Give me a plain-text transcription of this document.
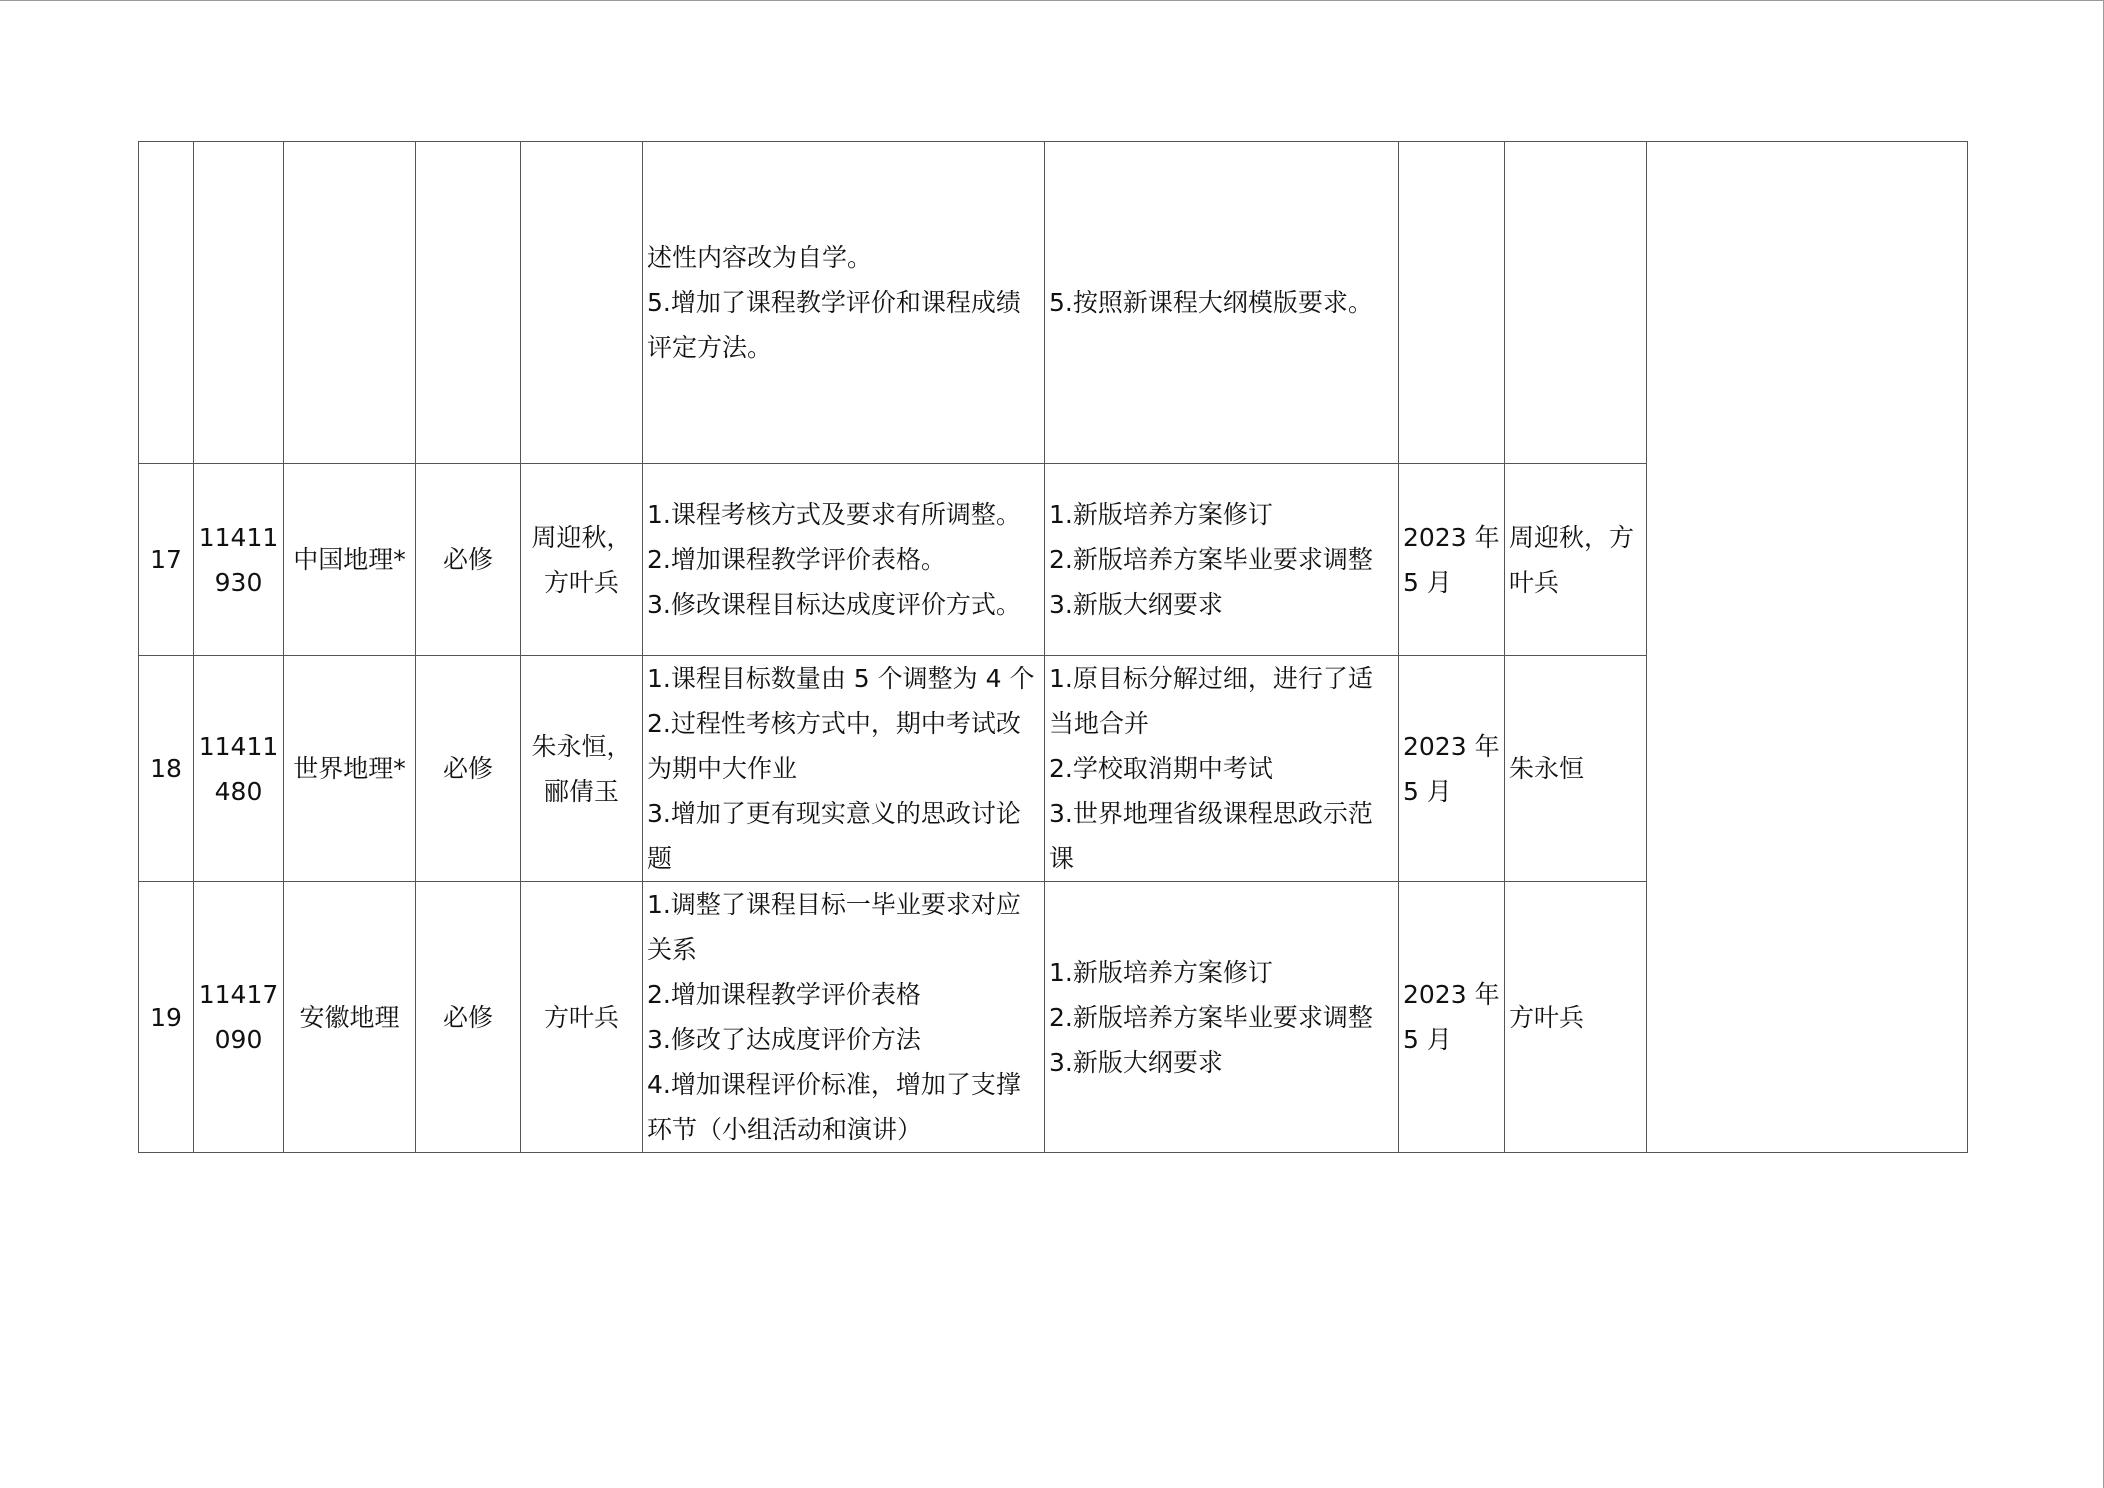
					述性内容改为自学。
5.增加了课程教学评价和课程成绩评定方法。	5.按照新课程大纲模版要求。			

17	11411
930	中国地理*	必修	周迎秋，方叶兵	1.课程考核方式及要求有所调整。
2.增加课程教学评价表格。
3.修改课程目标达成度评价方式。	1.新版培养方案修订
2.新版培养方案毕业要求调整
3.新版大纲要求	2023 年 5 月	周迎秋，方叶兵	
18	11411
480	世界地理*	必修	朱永恒，郦倩玉	1.课程目标数量由 5 个调整为 4 个
2.过程性考核方式中，期中考试改为期中大作业
3.增加了更有现实意义的思政讨论题	1.原目标分解过细，进行了适当地合并
2.学校取消期中考试
3.世界地理省级课程思政示范课	2023 年 5 月	朱永恒	
19	11417
090	安徽地理	必修	方叶兵	1.调整了课程目标一毕业要求对应关系
2.增加课程教学评价表格
3.修改了达成度评价方法
4.增加课程评价标准，增加了支撑环节（小组活动和演讲）	1.新版培养方案修订
2.新版培养方案毕业要求调整
3.新版大纲要求	2023 年 5 月	方叶兵	
